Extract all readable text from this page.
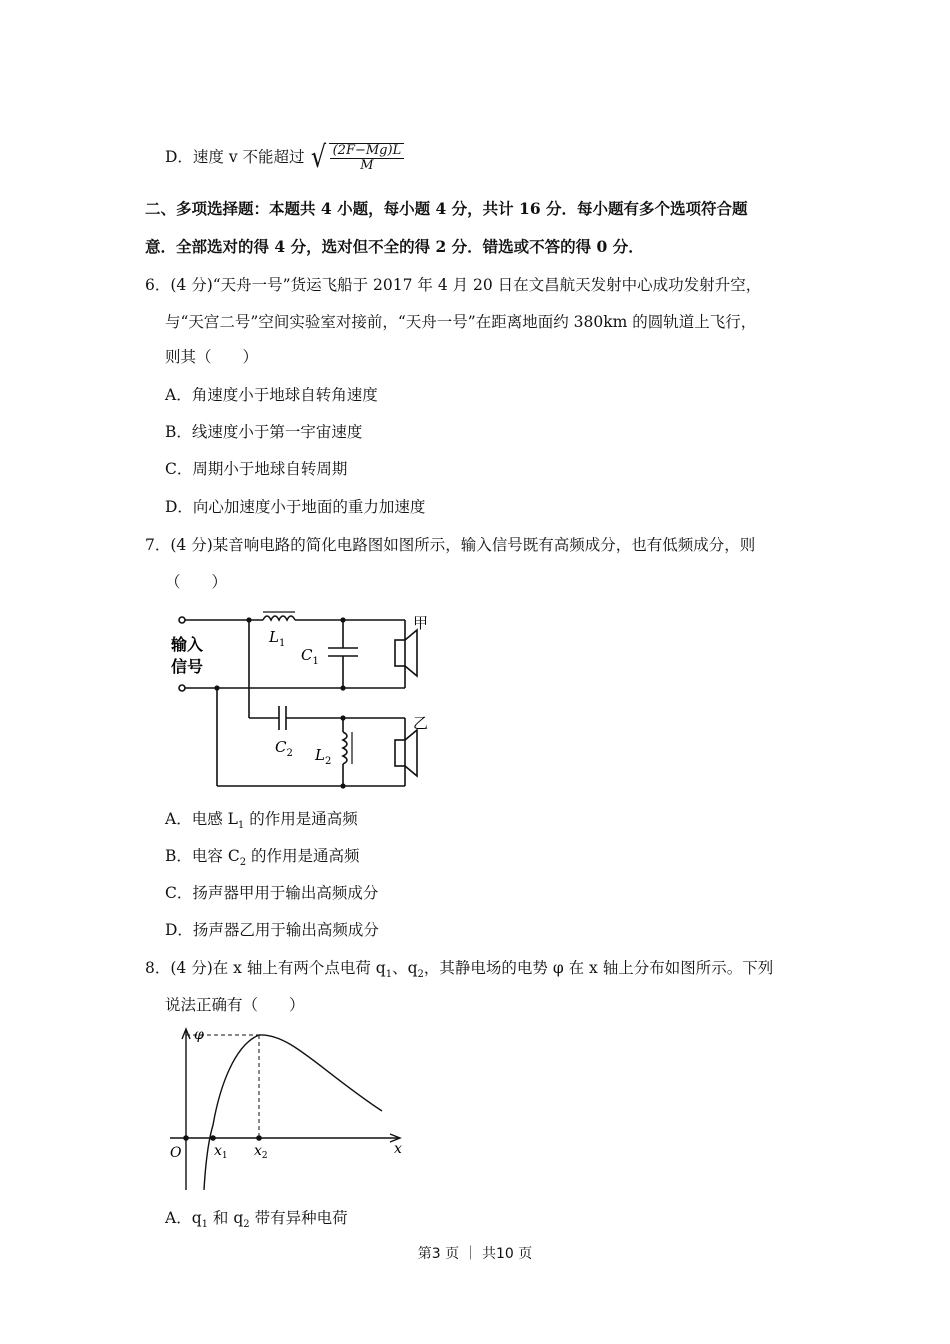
D．速度 v 不能超过 √ $\frac{(2F-Mg)L}{M}$
二、多项选择题：本题共 4 小题，每小题 4 分，共计 16 分．每小题有多个选项符合题
意．全部选对的得 4 分，选对但不全的得 2 分．错选或不答的得 0 分．
6．(4 分)“天舟一号”货运飞船于 2017 年 4 月 20 日在文昌航天发射中心成功发射升空，
与“天宫二号”空间实验室对接前，“天舟一号”在距离地面约 380km 的圆轨道上飞行，
则其（　　）
A．角速度小于地球自转角速度
B．线速度小于第一宇宙速度
C．周期小于地球自转周期
D．向心加速度小于地面的重力加速度
7．(4 分)某音响电路的简化电路图如图所示，输入信号既有高频成分，也有低频成分，则
（　　）
输入
信号
$L_1$
$C_1$
$C_2$ $L_2$
甲
乙
A．电感 $L_1$ 的作用是通高频
B．电容 $C_2$ 的作用是通高频
C．扬声器甲用于输出高频成分
D．扬声器乙用于输出高频成分
8．(4 分)在 x 轴上有两个点电荷 $q_1$、$q_2$，其静电场的电势 φ 在 x 轴上分布如图所示。下列
说法正确有（　　）
φ
x
O $x_1$ $x_2$
A．$q_1$ 和 $q_2$ 带有异种电荷
第3 页 ｜ 共10 页
